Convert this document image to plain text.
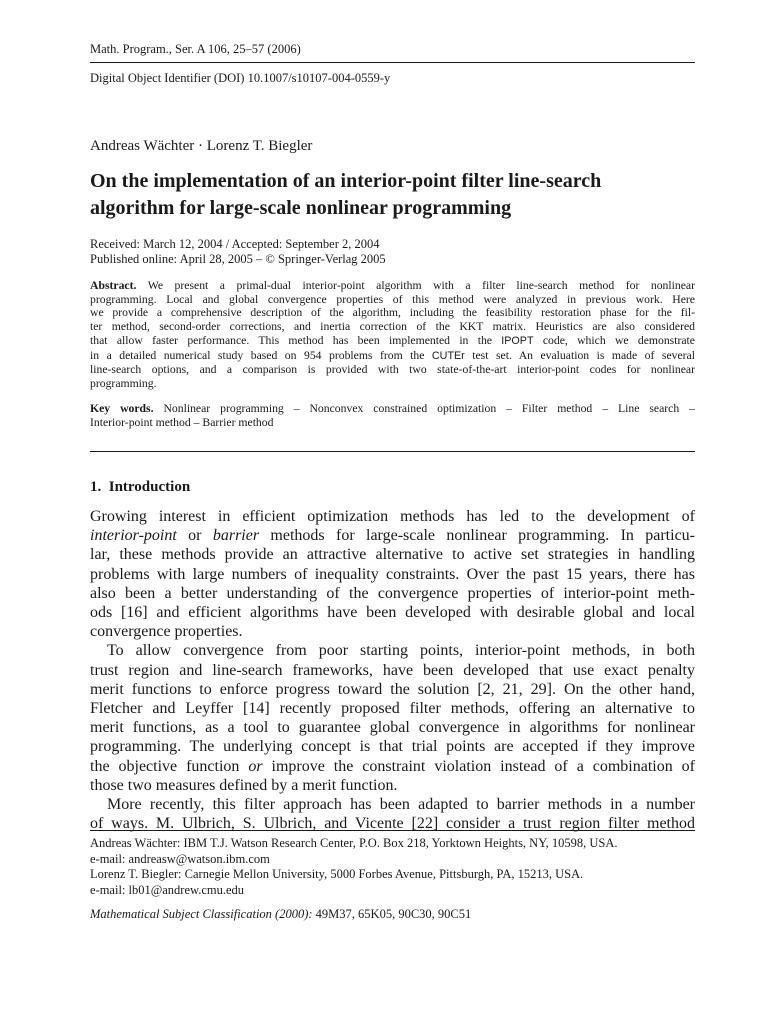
Math. Program., Ser. A 106, 25–57 (2006)
Digital Object Identifier (DOI) 10.1007/s10107-004-0559-y
Andreas Wächter · Lorenz T. Biegler
On the implementation of an interior-point filter line-search
algorithm for large-scale nonlinear programming
Received: March 12, 2004 / Accepted: September 2, 2004
Published online: April 28, 2005 – © Springer-Verlag 2005
Abstract. We present a primal-dual interior-point algorithm with a filter line-search method for nonlinear
programming. Local and global convergence properties of this method were analyzed in previous work. Here
we provide a comprehensive description of the algorithm, including the feasibility restoration phase for the fil-
ter method, second-order corrections, and inertia correction of the KKT matrix. Heuristics are also considered
that allow faster performance. This method has been implemented in the IPOPT code, which we demonstrate
in a detailed numerical study based on 954 problems from the CUTEr test set. An evaluation is made of several
line-search options, and a comparison is provided with two state-of-the-art interior-point codes for nonlinear
programming.
Key words. Nonlinear programming – Nonconvex constrained optimization – Filter method – Line search –
Interior-point method – Barrier method
1. Introduction
Growing interest in efficient optimization methods has led to the development of
interior-point or barrier methods for large-scale nonlinear programming. In particu-
lar, these methods provide an attractive alternative to active set strategies in handling
problems with large numbers of inequality constraints. Over the past 15 years, there has
also been a better understanding of the convergence properties of interior-point meth-
ods [16] and efficient algorithms have been developed with desirable global and local
convergence properties.
To allow convergence from poor starting points, interior-point methods, in both
trust region and line-search frameworks, have been developed that use exact penalty
merit functions to enforce progress toward the solution [2, 21, 29]. On the other hand,
Fletcher and Leyffer [14] recently proposed filter methods, offering an alternative to
merit functions, as a tool to guarantee global convergence in algorithms for nonlinear
programming. The underlying concept is that trial points are accepted if they improve
the objective function or improve the constraint violation instead of a combination of
those two measures defined by a merit function.
More recently, this filter approach has been adapted to barrier methods in a number
of ways. M. Ulbrich, S. Ulbrich, and Vicente [22] consider a trust region filter method
Andreas Wächter: IBM T.J. Watson Research Center, P.O. Box 218, Yorktown Heights, NY, 10598, USA.
e-mail: andreasw@watson.ibm.com
Lorenz T. Biegler: Carnegie Mellon University, 5000 Forbes Avenue, Pittsburgh, PA, 15213, USA.
e-mail: lb01@andrew.cmu.edu
Mathematical Subject Classification (2000): 49M37, 65K05, 90C30, 90C51
